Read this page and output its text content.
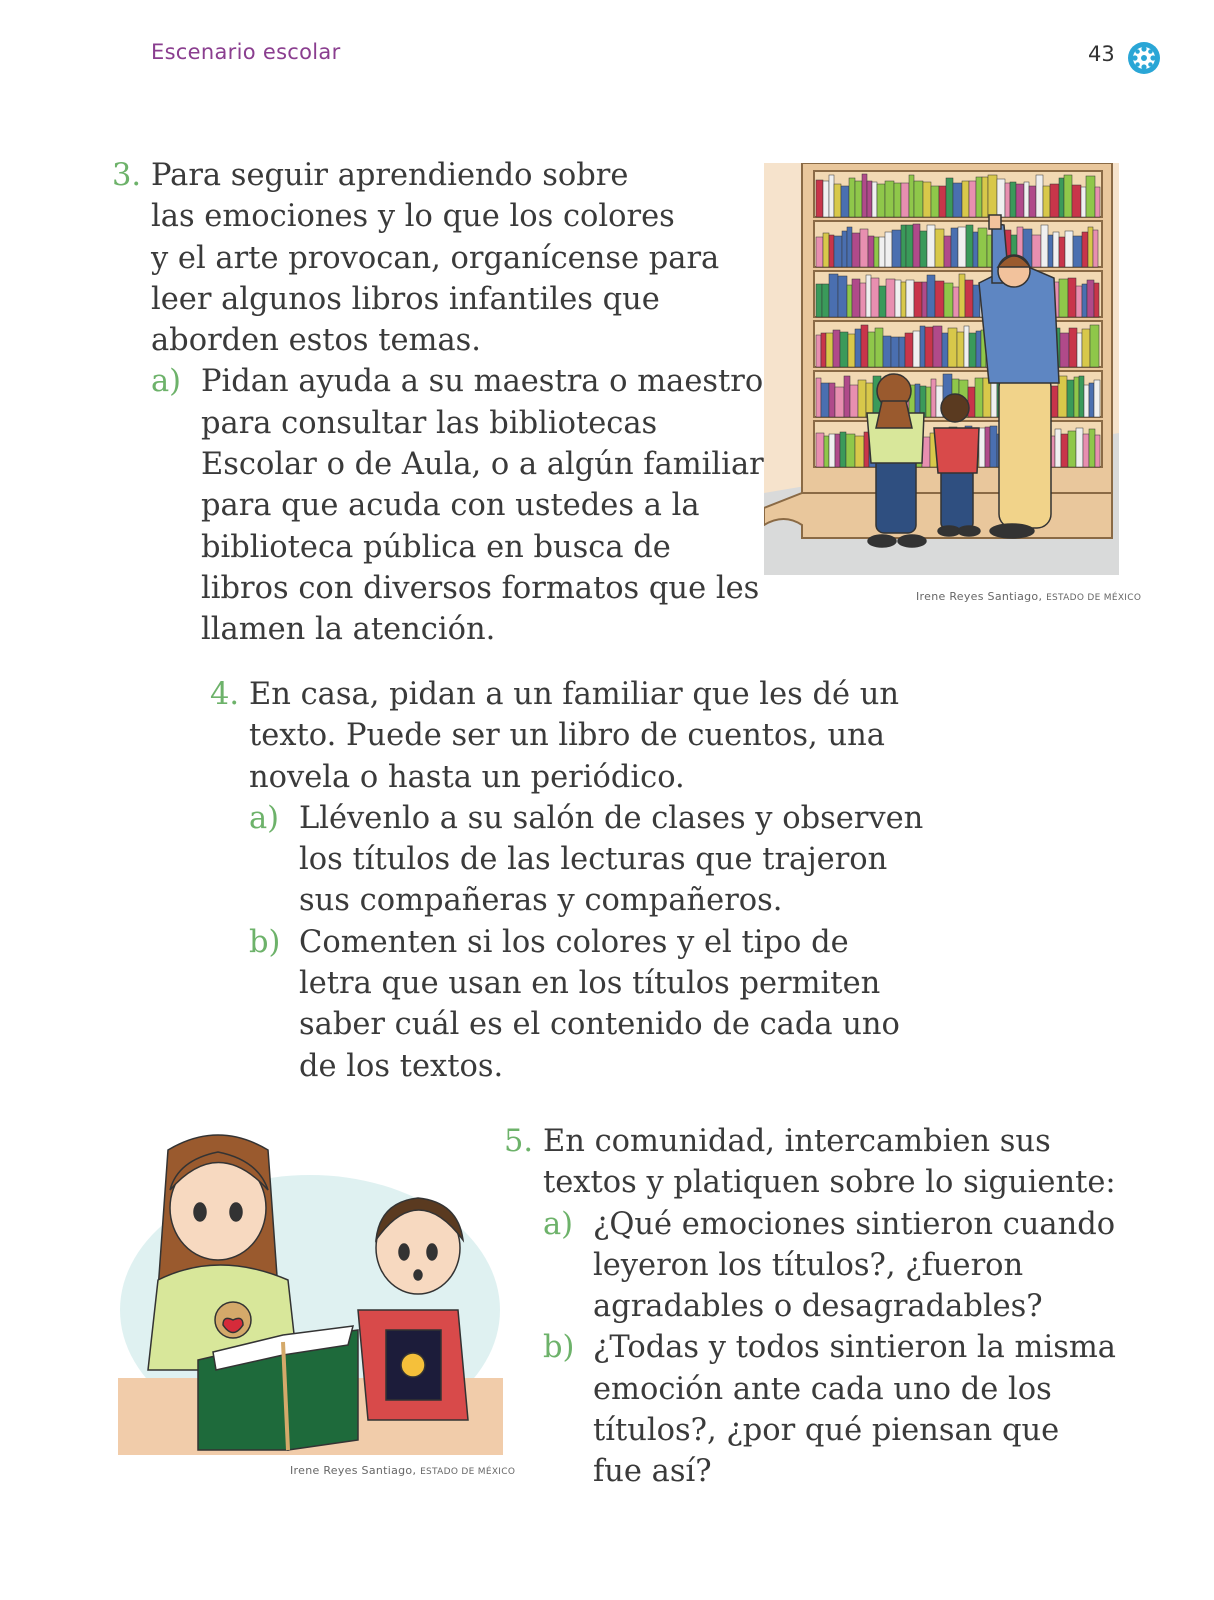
Escenario escolar	43
3. Para seguir aprendiendo sobre
las emociones y lo que los colores
y el arte provocan, organícense para
leer algunos libros infantiles que
aborden estos temas.
a) Pidan ayuda a su maestra o maestro
para consultar las bibliotecas
Escolar o de Aula, o a algún familiar
para que acuda con ustedes a la
biblioteca pública en busca de
libros con diversos formatos que les
llamen la atención.
Irene Reyes Santiago, ESTADO DE MÉXICO
4. En casa, pidan a un familiar que les dé un
texto. Puede ser un libro de cuentos, una
novela o hasta un periódico.
a) Llévenlo a su salón de clases y observen
los títulos de las lecturas que trajeron
sus compañeras y compañeros.
b) Comenten si los colores y el tipo de
letra que usan en los títulos permiten
saber cuál es el contenido de cada uno
de los textos.
Irene Reyes Santiago, ESTADO DE MÉXICO
5. En comunidad, intercambien sus
textos y platiquen sobre lo siguiente:
a) ¿Qué emociones sintieron cuando
leyeron los títulos?, ¿fueron
agradables o desagradables?
b) ¿Todas y todos sintieron la misma
emoción ante cada uno de los
títulos?, ¿por qué piensan que
fue así?
